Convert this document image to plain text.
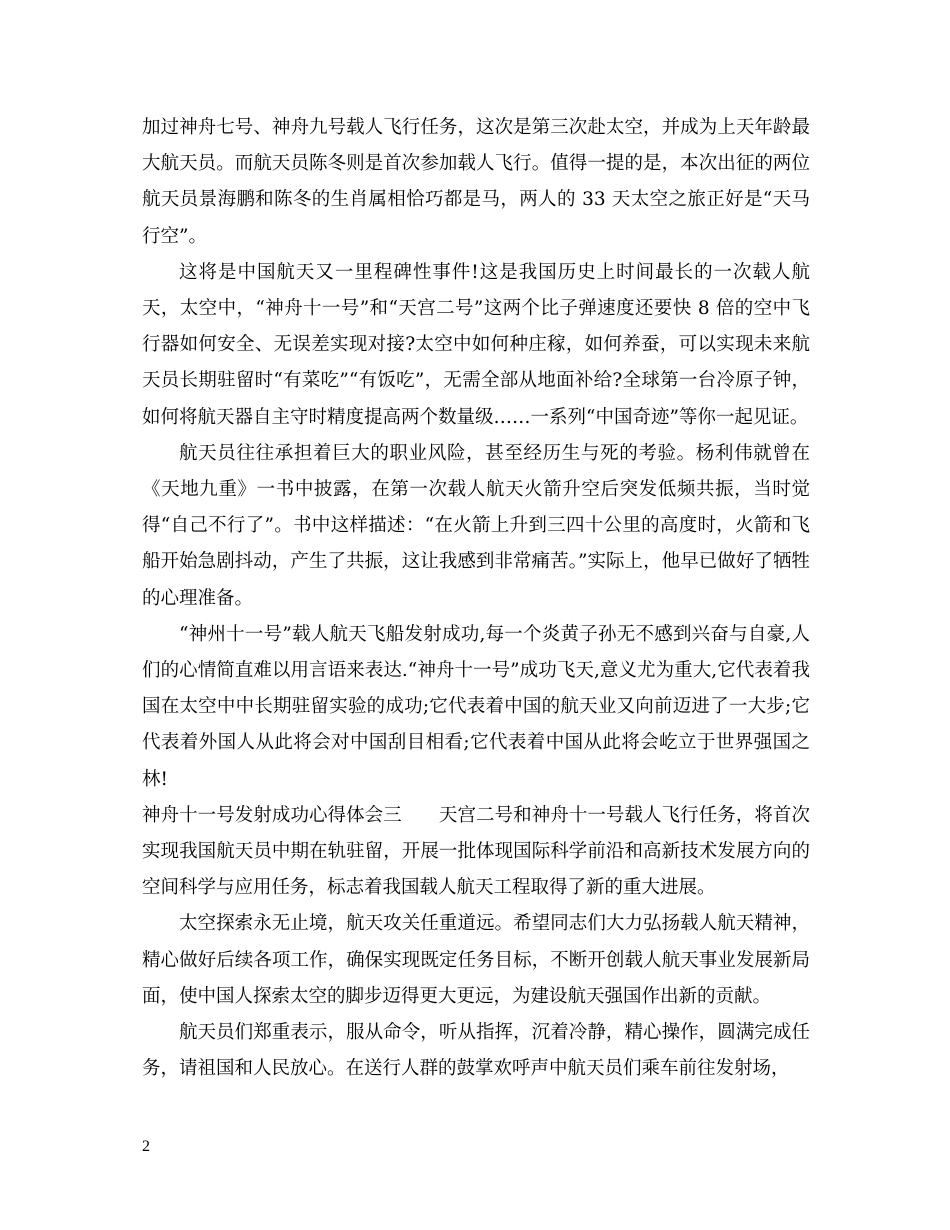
加过神舟七号、神舟九号载人飞行任务，这次是第三次赴太空，并成为上天年龄最大航天员。而航天员陈冬则是首次参加载人飞行。值得一提的是，本次出征的两位航天员景海鹏和陈冬的生肖属相恰巧都是马，两人的 33 天太空之旅正好是“天马行空”。

这将是中国航天又一里程碑性事件!这是我国历史上时间最长的一次载人航天，太空中，“神舟十一号”和“天宫二号”这两个比子弹速度还要快 8 倍的空中飞行器如何安全、无误差实现对接?太空中如何种庄稼，如何养蚕，可以实现未来航天员长期驻留时“有菜吃”“有饭吃”，无需全部从地面补给?全球第一台冷原子钟，如何将航天器自主守时精度提高两个数量级……一系列“中国奇迹”等你一起见证。

航天员往往承担着巨大的职业风险，甚至经历生与死的考验。杨利伟就曾在《天地九重》一书中披露，在第一次载人航天火箭升空后突发低频共振，当时觉得“自己不行了”。书中这样描述：“在火箭上升到三四十公里的高度时，火箭和飞船开始急剧抖动，产生了共振，这让我感到非常痛苦。”实际上，他早已做好了牺牲的心理准备。

“神州十一号”载人航天飞船发射成功,每一个炎黄子孙无不感到兴奋与自豪,人们的心情简直难以用言语来表达.“神舟十一号”成功飞天,意义尤为重大,它代表着我国在太空中中长期驻留实验的成功;它代表着中国的航天业又向前迈进了一大步;它代表着外国人从此将会对中国刮目相看;它代表着中国从此将会屹立于世界强国之林!

神舟十一号发射成功心得体会三　　 天宫二号和神舟十一号载人飞行任务，将首次实现我国航天员中期在轨驻留，开展一批体现国际科学前沿和高新技术发展方向的空间科学与应用任务，标志着我国载人航天工程取得了新的重大进展。

太空探索永无止境，航天攻关任重道远。希望同志们大力弘扬载人航天精神，精心做好后续各项工作，确保实现既定任务目标，不断开创载人航天事业发展新局面，使中国人探索太空的脚步迈得更大更远，为建设航天强国作出新的贡献。

航天员们郑重表示，服从命令，听从指挥，沉着冷静，精心操作，圆满完成任务，请祖国和人民放心。在送行人群的鼓掌欢呼声中航天员们乘车前往发射场，

2
